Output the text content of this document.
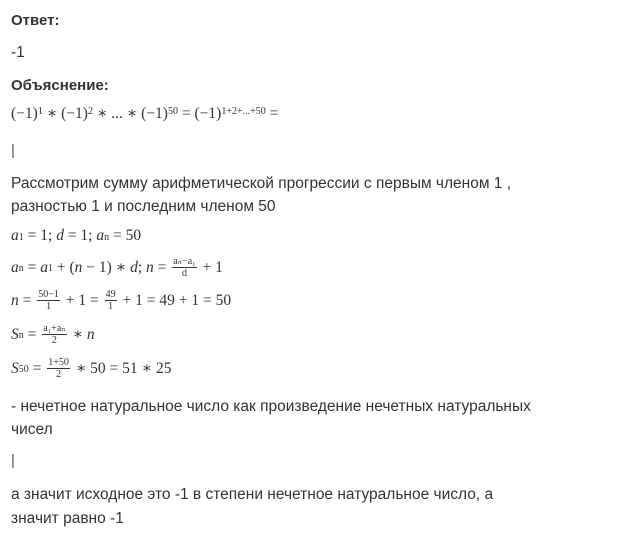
Ответ:
-1
Объяснение:
$(-1)^1$ ∗ $(-1)^2$ ∗ ... ∗ $(-1)^{50} = (-1)^{1+2+...+50}$ =
|
Рассмотрим сумму арифметической прогрессии с первым членом 1 ,
разностью 1 и последним членом 50
$a_1 = 1$; d = 1; $a_n = 50$
$a_n = a_1$ + ( n − 1) ∗ d ; $n = \frac{\text{aₙ−a₁}}{d} + 1$
$n = \frac{50-1}{1} + 1 = \frac{49}{1} + 1 = 49 + 1 = 50$
$S_n = \frac{\text{a₁+aₙ}}{2}$ ∗ n
$S_{50} = \frac{1+50}{2}$ ∗ 50 = 51 ∗ 25
- нечетное натуральное число как произведение нечетных натуральных
чисел
|
а значит исходное это -1 в степени нечетное натуральное число, а
значит равно -1
